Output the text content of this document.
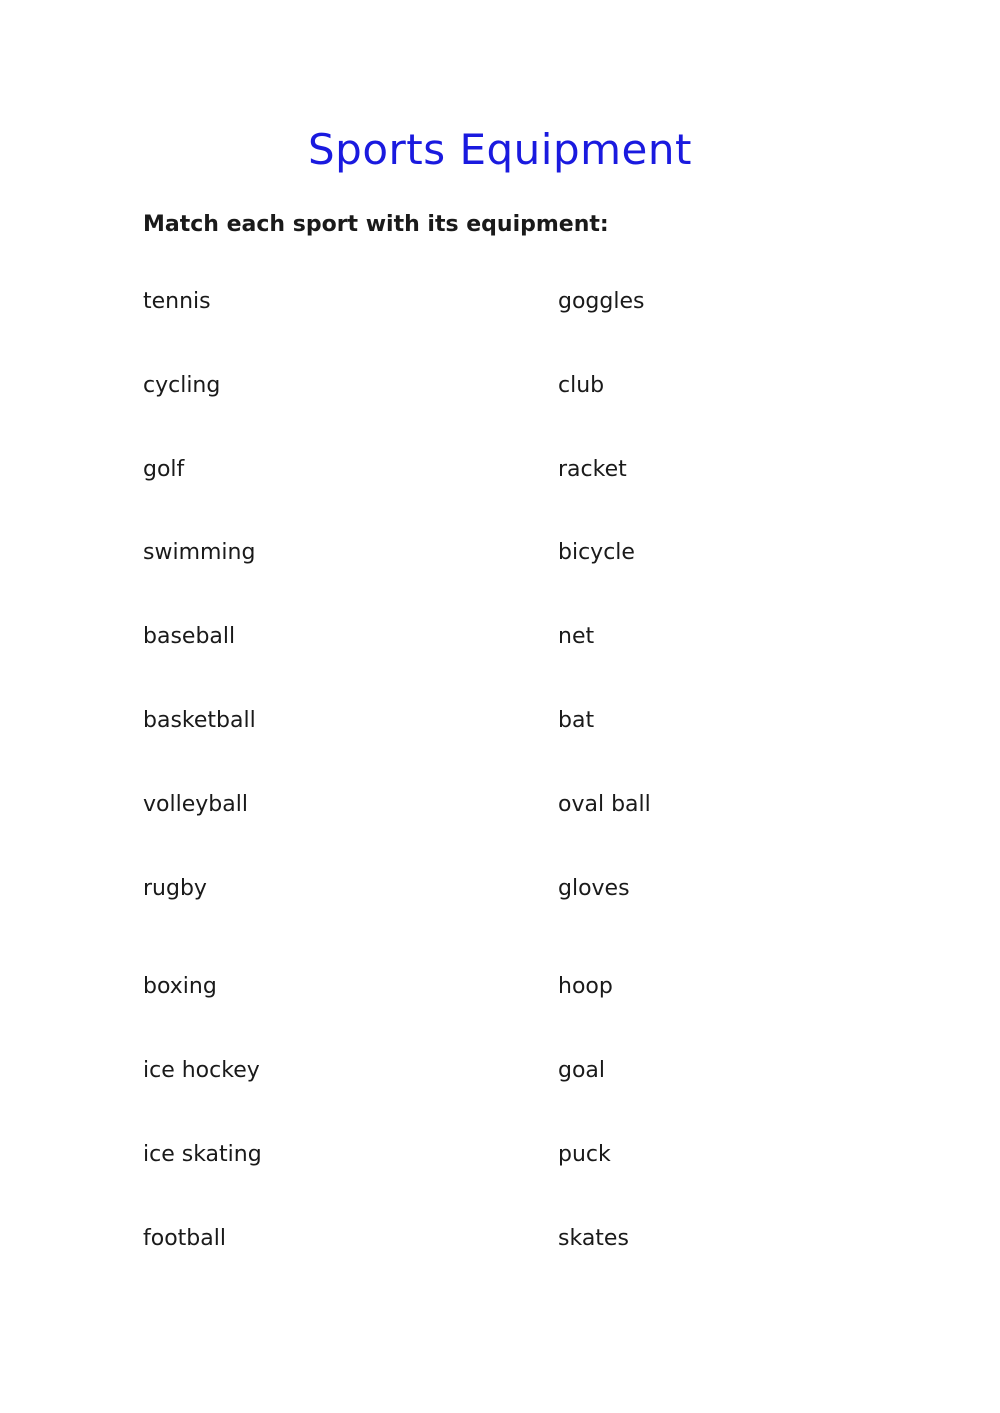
Sports Equipment

Match each sport with its equipment:

tennis
cycling
golf
swimming
baseball
basketball
volleyball
rugby
boxing
ice hockey
ice skating
football
goggles
club
racket
bicycle
net
bat
oval ball
gloves
hoop
goal
puck
skates
